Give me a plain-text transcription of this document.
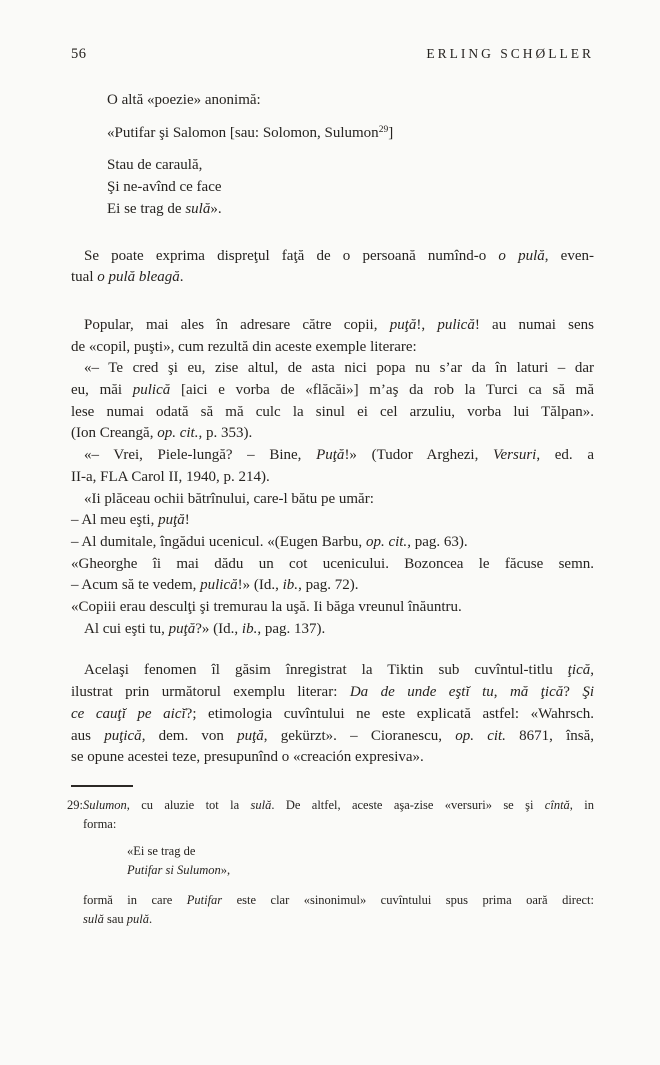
56	ERLING SCHØLLER
O altă «poezie» anonimă:
«Putifar şi Salomon [sau: Solomon, Sulumon$^{29}$]
Stau de caraulă,
Şi ne-avînd ce face
Ei se trag de sulă».
Se poate exprima dispreţul faţă de o persoană numînd-o o pulă, even-
tual o pulă bleagă.
Popular, mai ales în adresare către copii, puţă!, pulică! au numai sens
de «copil, puşti», cum rezultă din aceste exemple literare:
«– Te cred şi eu, zise altul, de asta nici popa nu s’ar da în laturi – dar
eu, măi pulică [aici e vorba de «flăcăi»] m’aş da rob la Turci ca să mă
lese numai odată să mă culc la sinul ei cel arzuliu, vorba lui Tălpan».
(Ion Creangă, op. cit., p. 353).
«– Vrei, Piele-lungă? – Bine, Puţă!» (Tudor Arghezi, Versuri, ed. a
II-a, FLA Carol II, 1940, p. 214).
«Ii plăceau ochii bătrînului, care-l bătu pe umăr:
– Al meu eşti, puţă!
– Al dumitale, îngădui ucenicul. «(Eugen Barbu, op. cit., pag. 63).
«Gheorghe îi mai dădu un cot ucenicului. Bozoncea le făcuse semn.
– Acum să te vedem, pulică!» (Id., ib., pag. 72).
«Copiii erau desculţi şi tremurau la uşă. Ii băga vreunul înăuntru.
Al cui eşti tu, puţă?» (Id., ib., pag. 137).
Acelaşi fenomen îl găsim înregistrat la Tiktin sub cuvîntul-titlu ţică,
ilustrat prin următorul exemplu literar: Da de unde eştĭ tu, mă ţică? Şi
ce cauţĭ pe aicĭ?; etimologia cuvîntului ne este explicată astfel: «Wahrsch.
aus puţică, dem. von puţă, gekürzt». – Cioranescu, op. cit. 8671, însă,
se opune acestei teze, presupunînd o «creación expresiva».
29: Sulumon, cu aluzie tot la sulă. De altfel, aceste aşa-zise «versuri» se şi cîntă, in
forma:
«Ei se trag de
Putifar si Sulumon»,
formă in care Putifar este clar «sinonimul» cuvîntului spus prima oară direct:
sulă sau pulă.
